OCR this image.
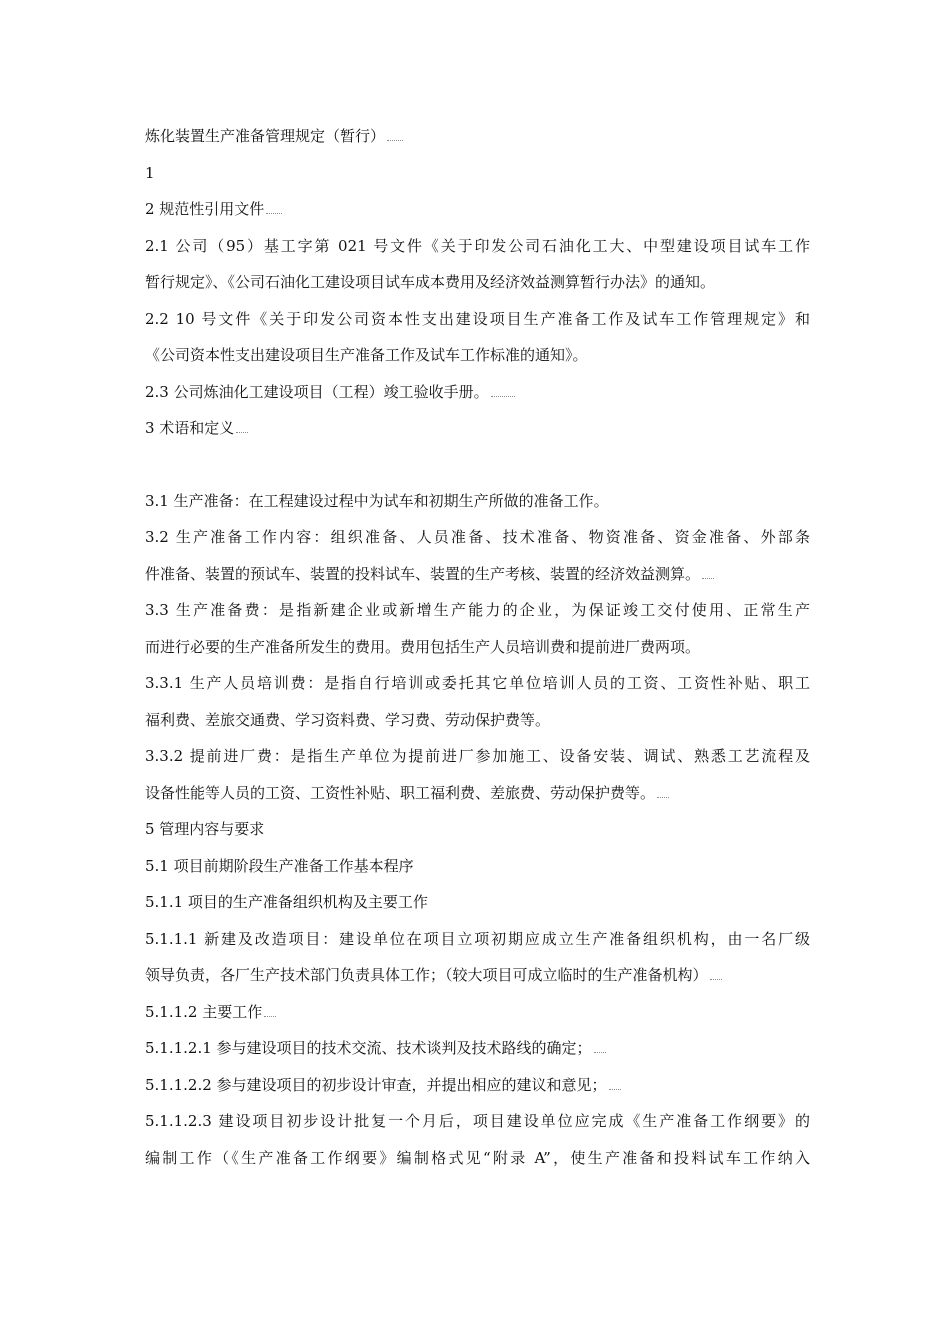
炼化装置生产准备管理规定（暂行）
1
2 规范性引用文件
2.1 公司（95）基工字第 021 号文件《关于印发公司石油化工大、中型建设项目试车工作
暂行规定》、《公司石油化工建设项目试车成本费用及经济效益测算暂行办法》的通知。
2.2 10 号文件《关于印发公司资本性支出建设项目生产准备工作及试车工作管理规定》和
《公司资本性支出建设项目生产准备工作及试车工作标准的通知》。
2.3 公司炼油化工建设项目（工程）竣工验收手册。
3 术语和定义
3.1 生产准备：在工程建设过程中为试车和初期生产所做的准备工作。
3.2 生产准备工作内容：组织准备、人员准备、技术准备、物资准备、资金准备、外部条
件准备、装置的预试车、装置的投料试车、装置的生产考核、装置的经济效益测算。
3.3 生产准备费：是指新建企业或新增生产能力的企业，为保证竣工交付使用、正常生产
而进行必要的生产准备所发生的费用。费用包括生产人员培训费和提前进厂费两项。
3.3.1 生产人员培训费：是指自行培训或委托其它单位培训人员的工资、工资性补贴、职工
福利费、差旅交通费、学习资料费、学习费、劳动保护费等。
3.3.2 提前进厂费：是指生产单位为提前进厂参加施工、设备安装、调试、熟悉工艺流程及
设备性能等人员的工资、工资性补贴、职工福利费、差旅费、劳动保护费等。
5 管理内容与要求
5.1 项目前期阶段生产准备工作基本程序
5.1.1 项目的生产准备组织机构及主要工作
5.1.1.1 新建及改造项目：建设单位在项目立项初期应成立生产准备组织机构，由一名厂级
领导负责，各厂生产技术部门负责具体工作；（较大项目可成立临时的生产准备机构）
5.1.1.2 主要工作
5.1.1.2.1 参与建设项目的技术交流、技术谈判及技术路线的确定；
5.1.1.2.2 参与建设项目的初步设计审查，并提出相应的建议和意见；
5.1.1.2.3 建设项目初步设计批复一个月后，项目建设单位应完成《生产准备工作纲要》的
编制工作（《生产准备工作纲要》编制格式见“附录 A”，使生产准备和投料试车工作纳入
